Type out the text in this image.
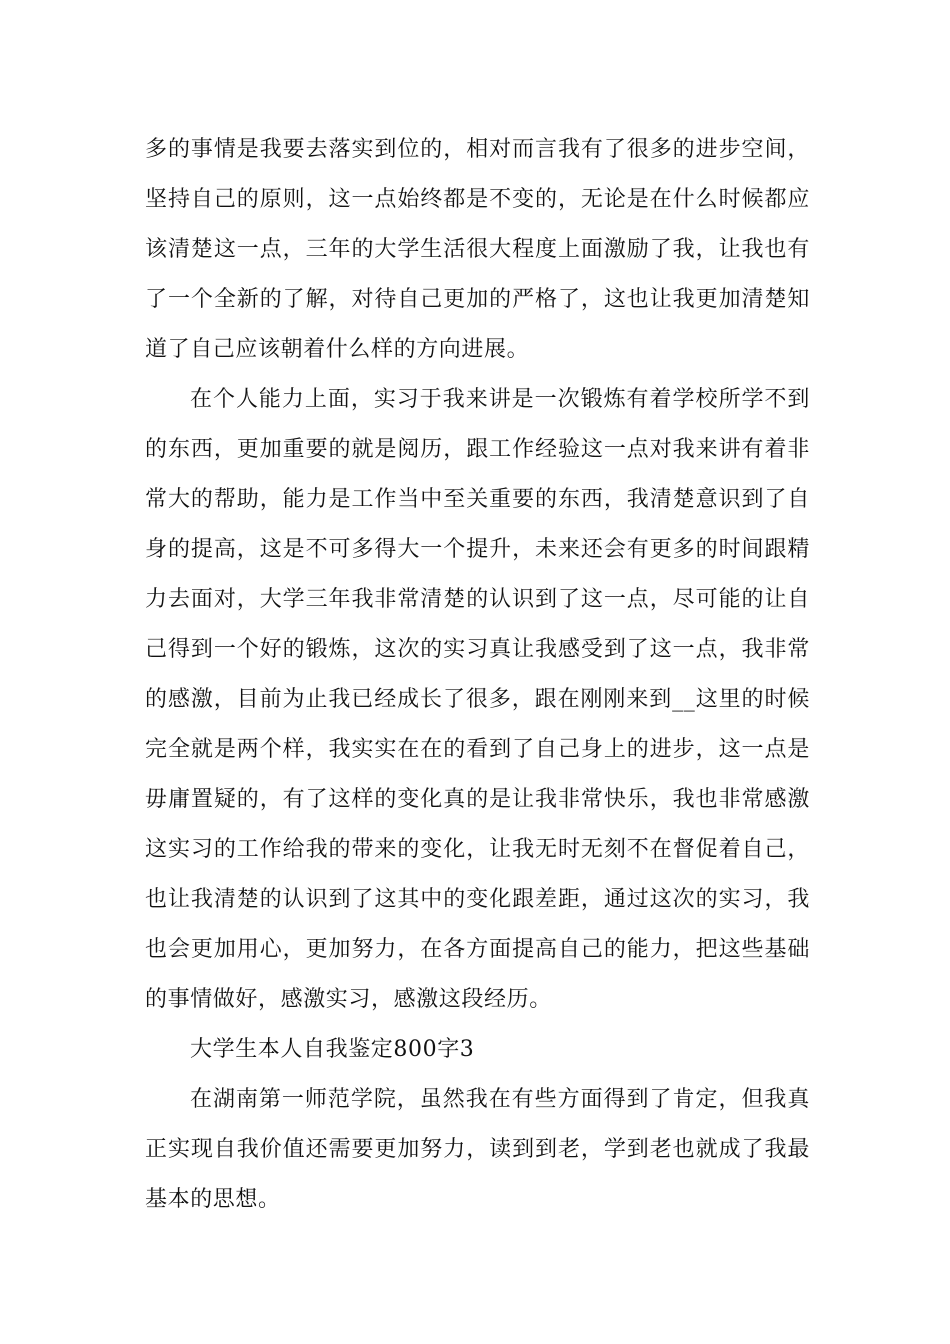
多的事情是我要去落实到位的，相对而言我有了很多的进步空间，坚持自己的原则，这一点始终都是不变的，无论是在什么时候都应该清楚这一点，三年的大学生活很大程度上面激励了我，让我也有了一个全新的了解，对待自己更加的严格了，这也让我更加清楚知道了自己应该朝着什么样的方向进展。

在个人能力上面，实习于我来讲是一次锻炼有着学校所学不到的东西，更加重要的就是阅历，跟工作经验这一点对我来讲有着非常大的帮助，能力是工作当中至关重要的东西，我清楚意识到了自身的提高，这是不可多得大一个提升，未来还会有更多的时间跟精力去面对，大学三年我非常清楚的认识到了这一点，尽可能的让自己得到一个好的锻炼，这次的实习真让我感受到了这一点，我非常的感激，目前为止我已经成长了很多，跟在刚刚来到__这里的时候完全就是两个样，我实实在在的看到了自己身上的进步，这一点是毋庸置疑的，有了这样的变化真的是让我非常快乐，我也非常感激这实习的工作给我的带来的变化，让我无时无刻不在督促着自己，也让我清楚的认识到了这其中的变化跟差距，通过这次的实习，我也会更加用心，更加努力，在各方面提高自己的能力，把这些基础的事情做好，感激实习，感激这段经历。

大学生本人自我鉴定800字3

在湖南第一师范学院，虽然我在有些方面得到了肯定，但我真正实现自我价值还需要更加努力，读到到老，学到老也就成了我最基本的思想。
